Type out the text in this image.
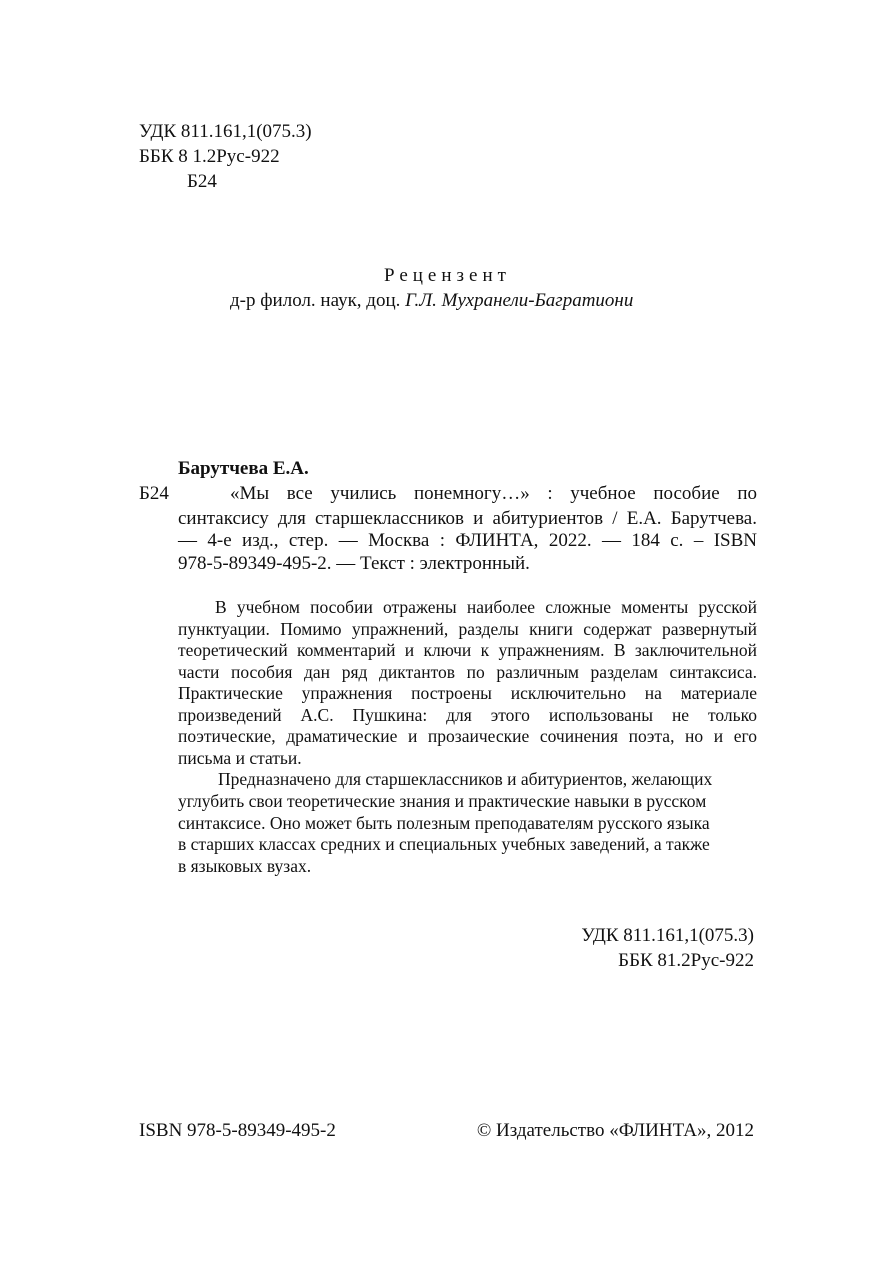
УДК 811.161,1(075.3)
ББК 8 1.2Рус-922
Б24
Рецензент
д-р филол. наук, доц. Г.Л. Мухранели-Багратиони
Барутчева Е.А.
Б24	«Мы все учились понемногу…» : учебное пособие по
синтаксису для старшеклассников и абитуриентов / Е.А. Барутчева.
— 4-е изд., стер. — Москва : ФЛИНТА, 2022. — 184 с. – ISBN
978-5-89349-495-2. — Текст : электронный.
В учебном пособии отражены наиболее сложные моменты русской
пунктуации. Помимо упражнений, разделы книги содержат развернутый
теоретический комментарий и ключи к упражнениям. В заключительной
части пособия дан ряд диктантов по различным разделам синтаксиса.
Практические упражнения построены исключительно на материале
произведений А.С. Пушкина: для этого использованы не только
поэтические, драматические и прозаические сочинения поэта, но и его
письма и статьи.
Предназначено для старшеклассников и абитуриентов, желающих
углубить свои теоретические знания и практические навыки в русском
синтаксисе. Оно может быть полезным преподавателям русского языка
в старших классах средних и специальных учебных заведений, а также
в языковых вузах.
УДК 811.161,1(075.3)
ББК 81.2Рус-922
ISBN 978-5-89349-495-2	© Издательство «ФЛИНТА», 2012
